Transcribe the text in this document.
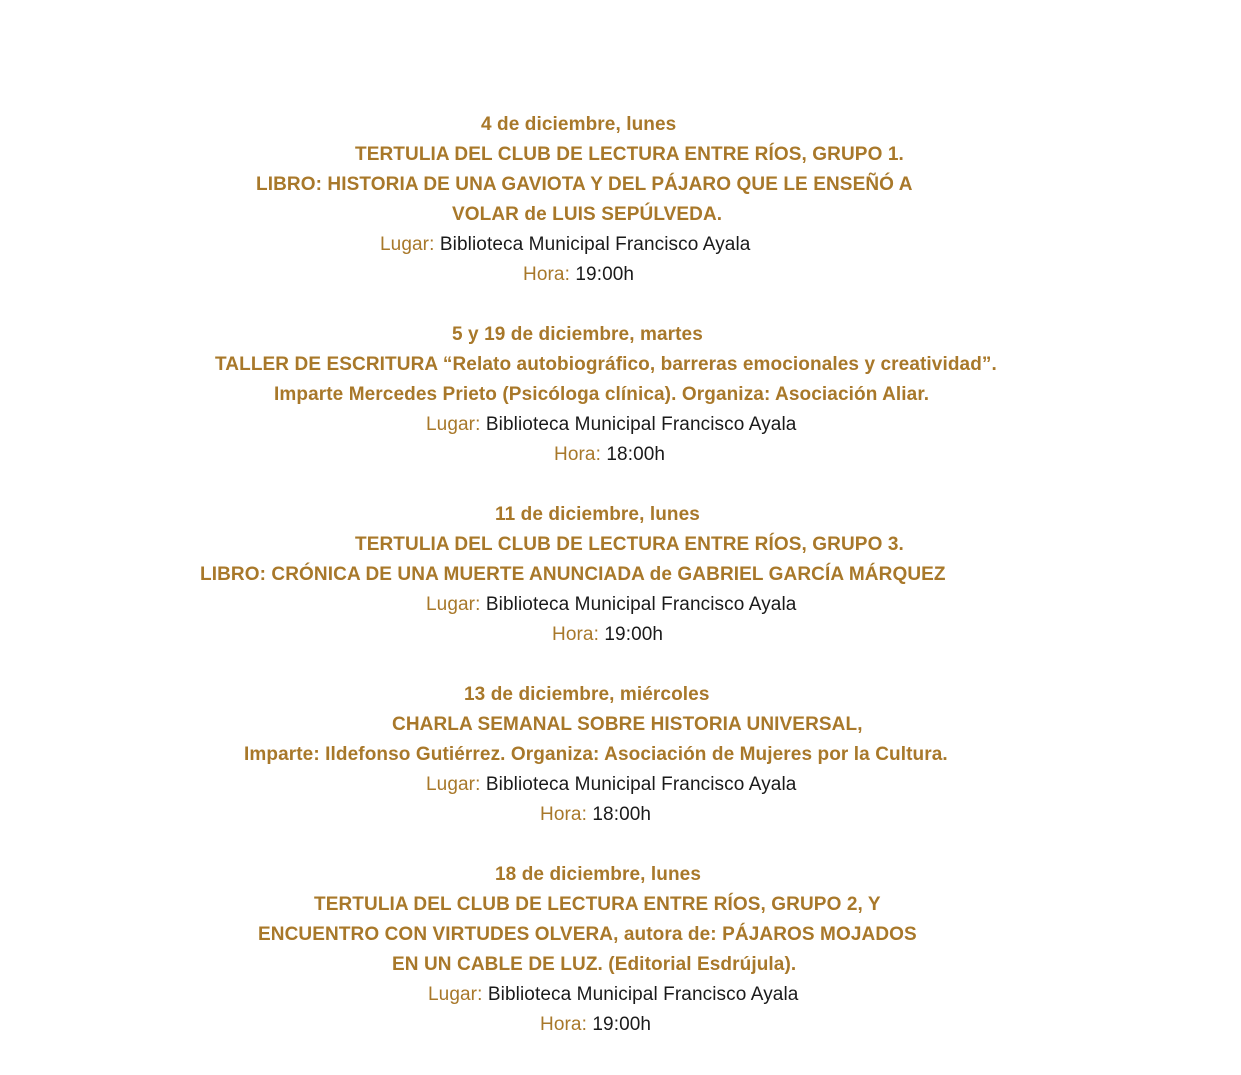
4 de diciembre, lunes
TERTULIA DEL CLUB DE LECTURA ENTRE RÍOS, GRUPO 1.
LIBRO: HISTORIA DE UNA GAVIOTA Y DEL PÁJARO QUE LE ENSEÑÓ A
VOLAR de LUIS SEPÚLVEDA.
Lugar: Biblioteca Municipal Francisco Ayala
Hora: 19:00h
5 y 19 de diciembre, martes
TALLER DE ESCRITURA “Relato autobiográfico, barreras emocionales y creatividad”.
Imparte Mercedes Prieto (Psicóloga clínica). Organiza: Asociación Aliar.
Lugar: Biblioteca Municipal Francisco Ayala
Hora: 18:00h
11 de diciembre, lunes
TERTULIA DEL CLUB DE LECTURA ENTRE RÍOS, GRUPO 3.
LIBRO: CRÓNICA DE UNA MUERTE ANUNCIADA de GABRIEL GARCÍA MÁRQUEZ
Lugar: Biblioteca Municipal Francisco Ayala
Hora: 19:00h
13 de diciembre, miércoles
CHARLA SEMANAL SOBRE HISTORIA UNIVERSAL,
Imparte: Ildefonso Gutiérrez. Organiza: Asociación de Mujeres por la Cultura.
Lugar: Biblioteca Municipal Francisco Ayala
Hora: 18:00h
18 de diciembre, lunes
TERTULIA DEL CLUB DE LECTURA ENTRE RÍOS, GRUPO 2, Y
ENCUENTRO CON VIRTUDES OLVERA, autora de: PÁJAROS MOJADOS
EN UN CABLE DE LUZ. (Editorial Esdrújula).
Lugar: Biblioteca Municipal Francisco Ayala
Hora: 19:00h
